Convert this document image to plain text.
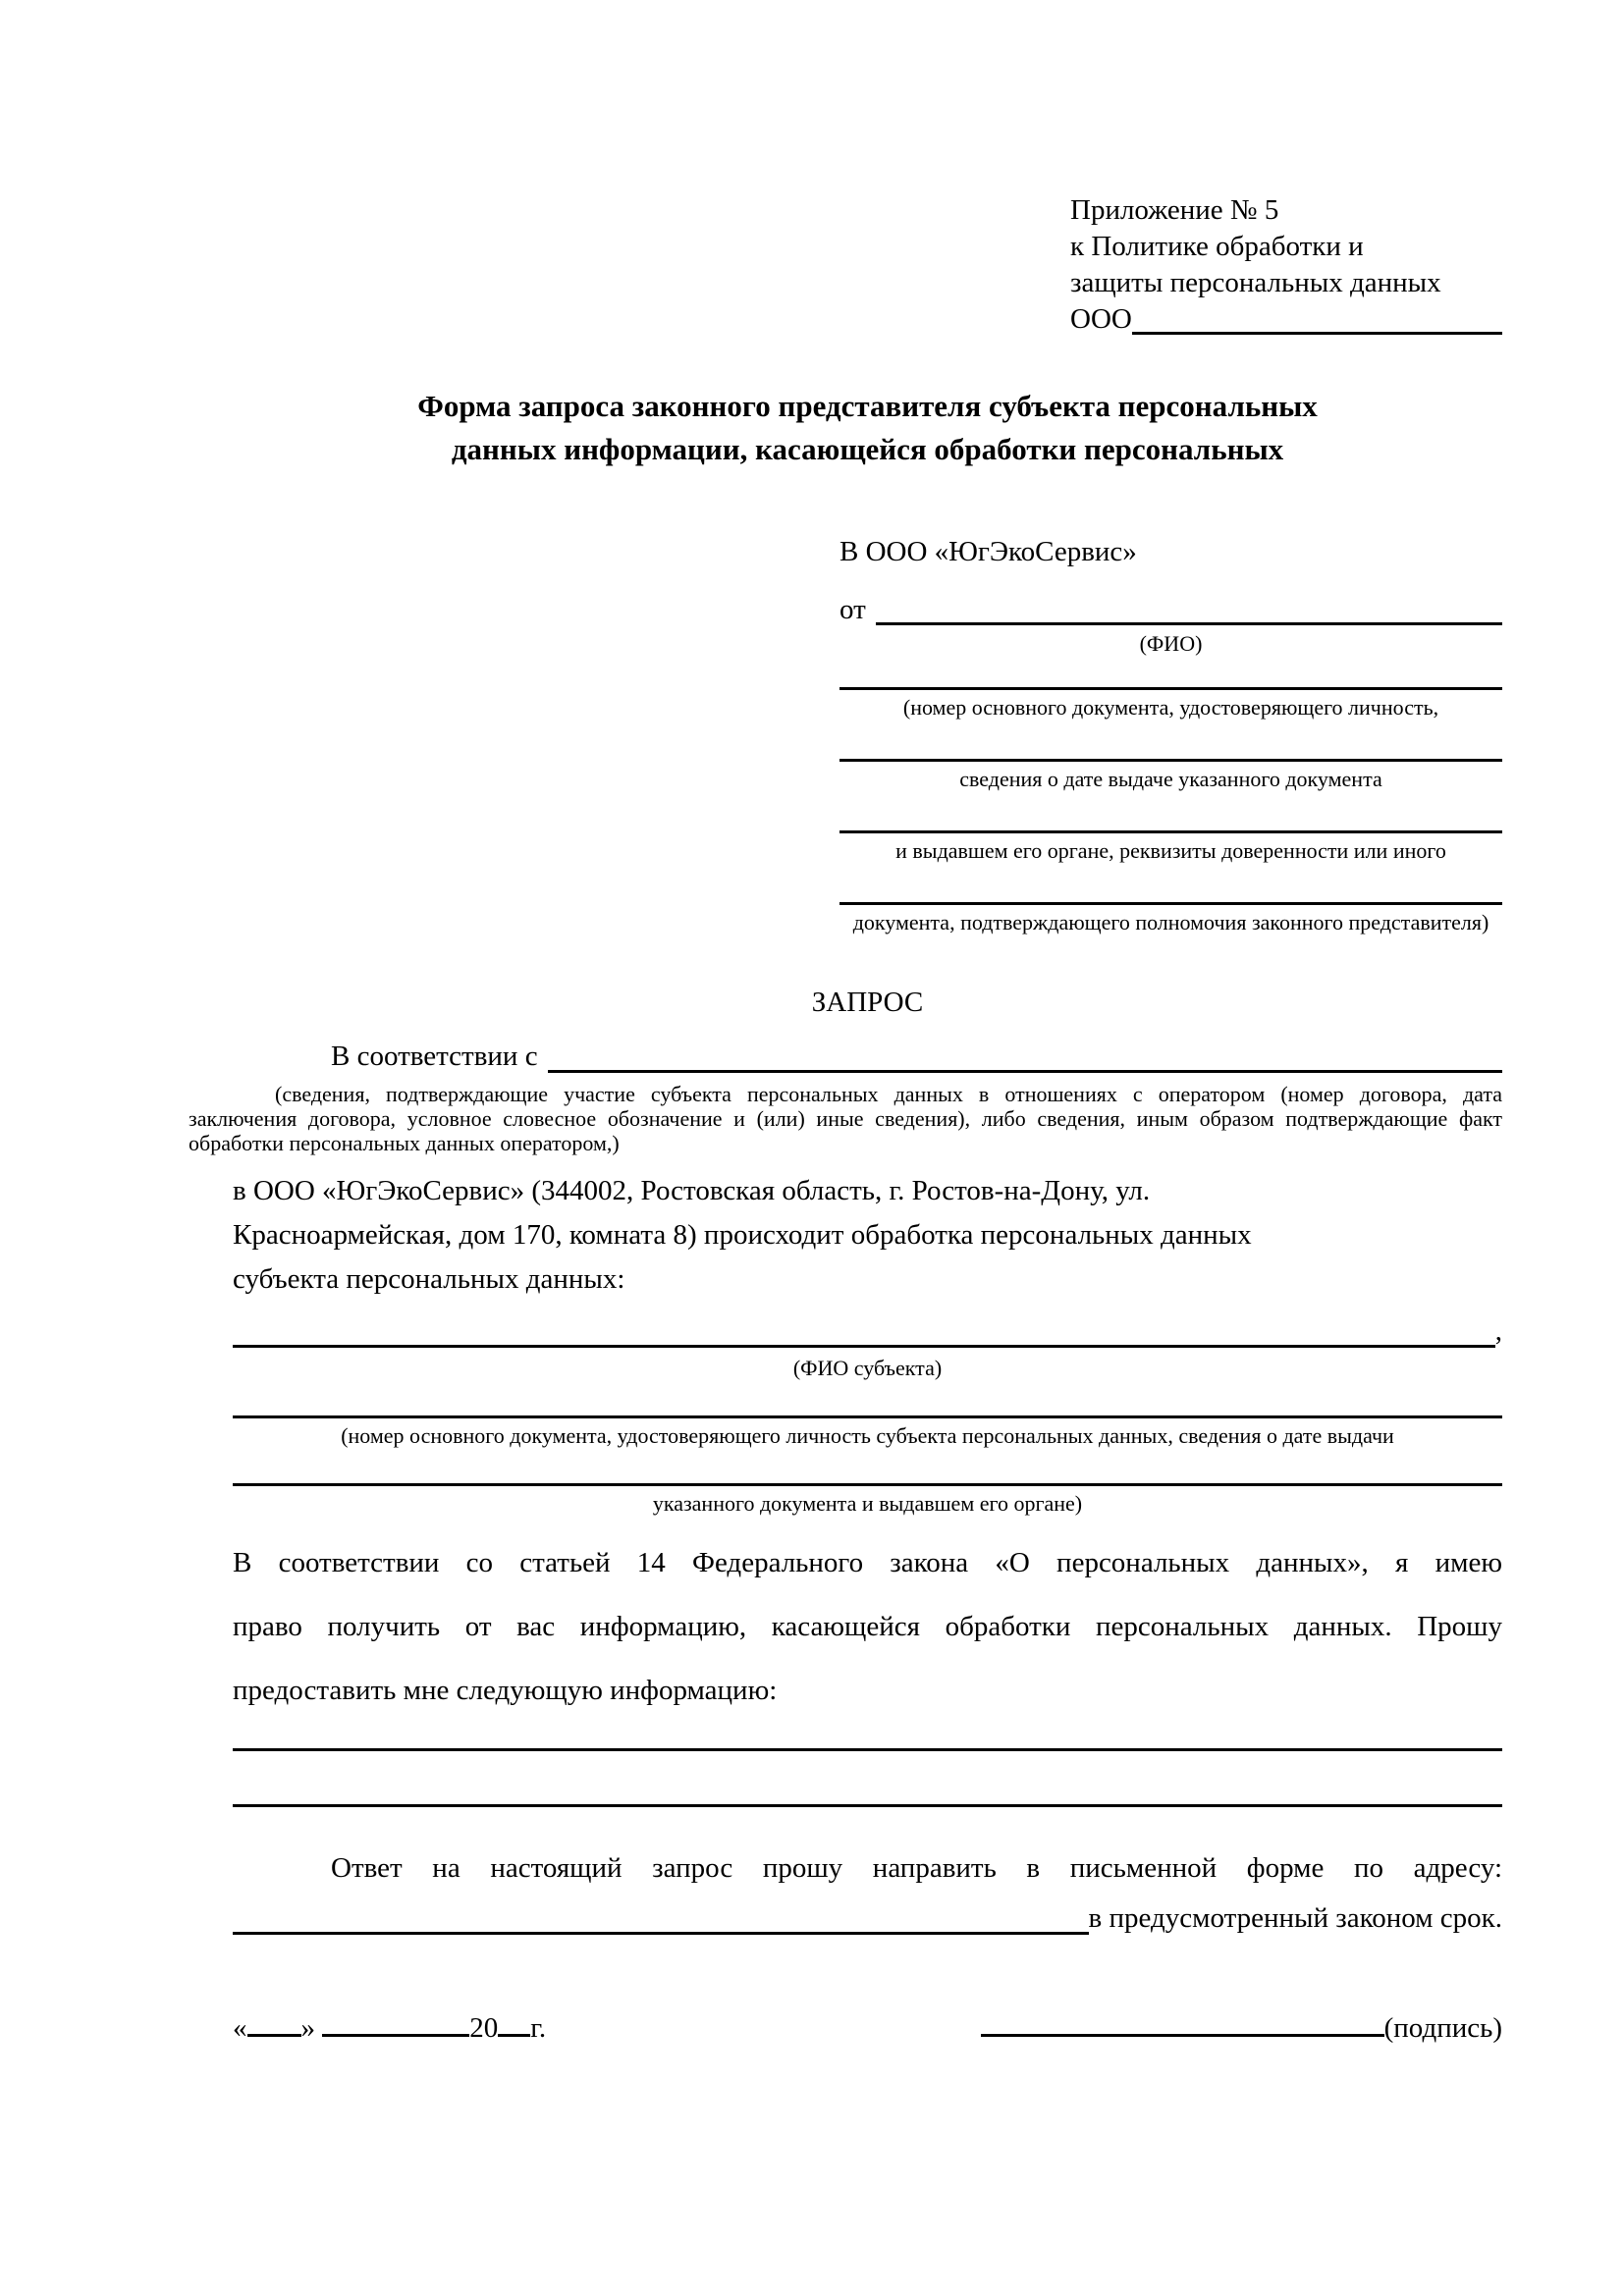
Приложение № 5
к Политике обработки и
защиты персональных данных
ООО
Форма запроса законного представителя субъекта персональных
данных информации, касающейся обработки персональных
В ООО «ЮгЭкоСервис»
от
(ФИО)
(номер основного документа, удостоверяющего личность,
сведения о дате выдаче указанного документа
и выдавшем его органе, реквизиты доверенности или иного
документа, подтверждающего полномочия законного представителя)
ЗАПРОС
В соответствии с
(сведения, подтверждающие участие субъекта персональных данных в отношениях с оператором (номер договора, дата
заключения договора, условное словесное обозначение и (или) иные сведения), либо сведения, иным образом подтверждающие факт
обработки персональных данных оператором,)
в ООО «ЮгЭкоСервис» (344002, Ростовская область, г. Ростов-на-Дону, ул.
Красноармейская, дом 170, комната 8) происходит обработка персональных данных
субъекта персональных данных:
,
(ФИО субъекта)
(номер основного документа, удостоверяющего личность субъекта персональных данных, сведения о дате выдачи
указанного документа и выдавшем его органе)
В соответствии со статьей 14 Федерального закона «О персональных данных», я имею
право получить от вас информацию, касающейся обработки персональных данных. Прошу
предоставить мне следующую информацию:
Ответ на настоящий запрос прошу направить в письменной форме по адресу:
в предусмотренный законом срок.
« »	20 г.	(подпись)
